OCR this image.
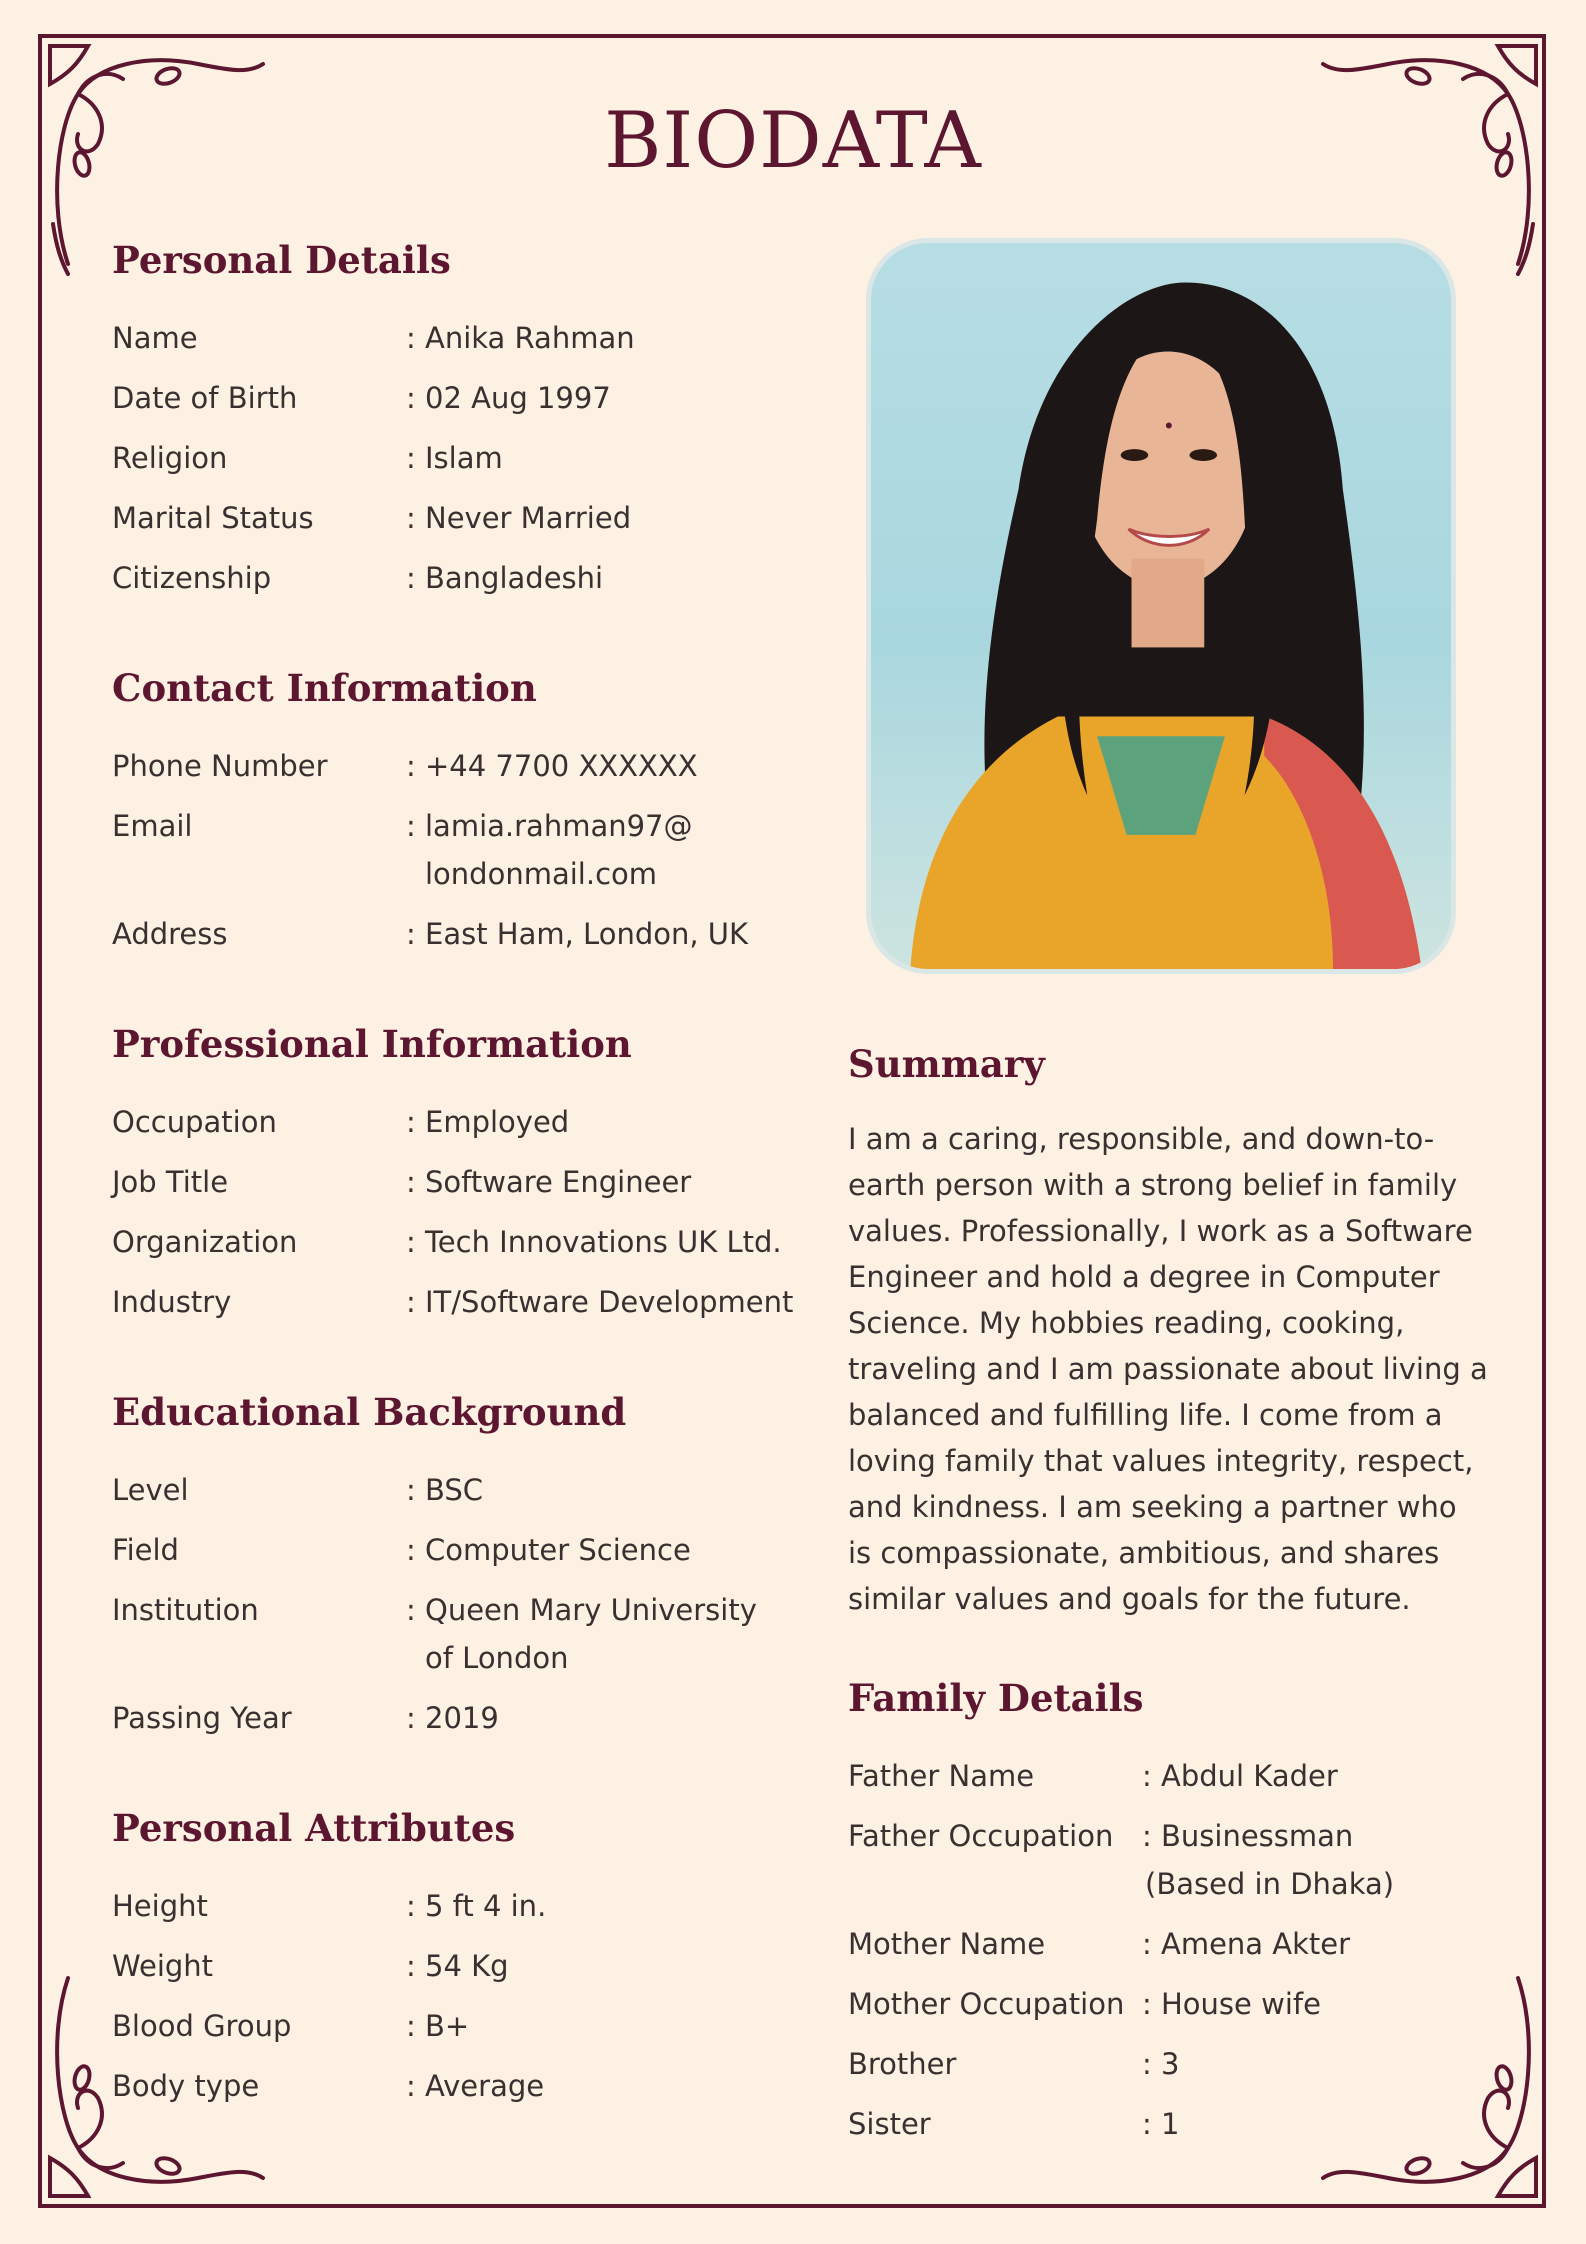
BIODATA
Personal Details
Name	: Anika Rahman
Date of Birth	: 02 Aug 1997
Religion	: Islam
Marital Status	: Never Married
Citizenship	: Bangladeshi
Contact Information
Phone Number	: +44 7700 XXXXXX
Email	: lamia.rahman97@
londonmail.com
Address	: East Ham, London, UK
Professional Information
Occupation	: Employed
Job Title	: Software Engineer
Organization	: Tech Innovations UK Ltd.
Industry	: IT/Software Development
Educational Background
Level	: BSC
Field	: Computer Science
Institution	: Queen Mary University
of London
Passing Year	: 2019
Personal Attributes
Height	: 5 ft 4 in.
Weight	: 54 Kg
Blood Group	: B+
Body type	: Average
Summary
I am a caring, responsible, and down-to-earth person with a strong belief in family values. Professionally, I work as a Software Engineer and hold a degree in Computer Science. My hobbies reading, cooking, traveling and I am passionate about living a balanced and fulfilling life. I come from a loving family that values integrity, respect, and kindness. I am seeking a partner who is compassionate, ambitious, and shares similar values and goals for the future.
Family Details
Father Name	: Abdul Kader
Father Occupation	: Businessman
(Based in Dhaka)
Mother Name	: Amena Akter
Mother Occupation	: House wife
Brother	: 3
Sister	: 1
